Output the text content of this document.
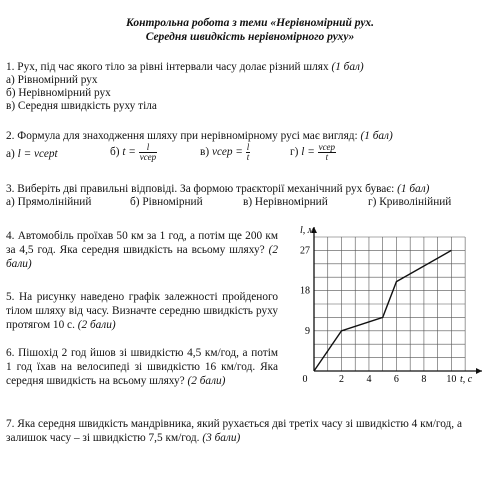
Контрольна робота з теми «Нерівномірний рух.
Середня швидкість нерівномірного руху»
1. Рух, під час якого тіло за рівні інтервали часу долає різний шлях (1 бал)
а) Рівномірний рух
б) Нерівномірний рух
в) Середня швидкість руху тіла
2. Формула для знаходження шляху при нерівномірному русі має вигляд: (1 бал)
а) l = vсерt	б) $t = \frac{l}{\text{vсер}}$	в) vсер = $\frac{l}{t}$	г) $l = \frac{\text{vсер}}{t}$
3. Виберіть дві правильні відповіді. За формою траєкторії механічний рух буває: (1 бал)
а) Прямолінійний	б) Рівномірний	в) Нерівномірний	г) Криволінійний
4. Автомобіль проїхав 50 км за 1 год, а потім ще 200 км за 4,5 год. Яка середня швидкість на всьому шляху? (2 бали)
5. На рисунку наведено графік залежності пройденого тілом шляху від часу. Визначте середню швидкість руху протягом 10 с. (2 бали)
6. Пішохід 2 год йшов зі швидкістю 4,5 км/год, а потім 1 год їхав на велосипеді зі швидкістю 16 км/год. Яка середня швидкість на всьому шляху? (2 бали)	0	2 4 6 8 10
9
18
27
l, м
t, с
7. Яка середня швидкість мандрівника, який рухається дві третіх часу зі швидкістю 4 км/год, а залишок часу – зі швидкістю 7,5 км/год. (3 бали)
